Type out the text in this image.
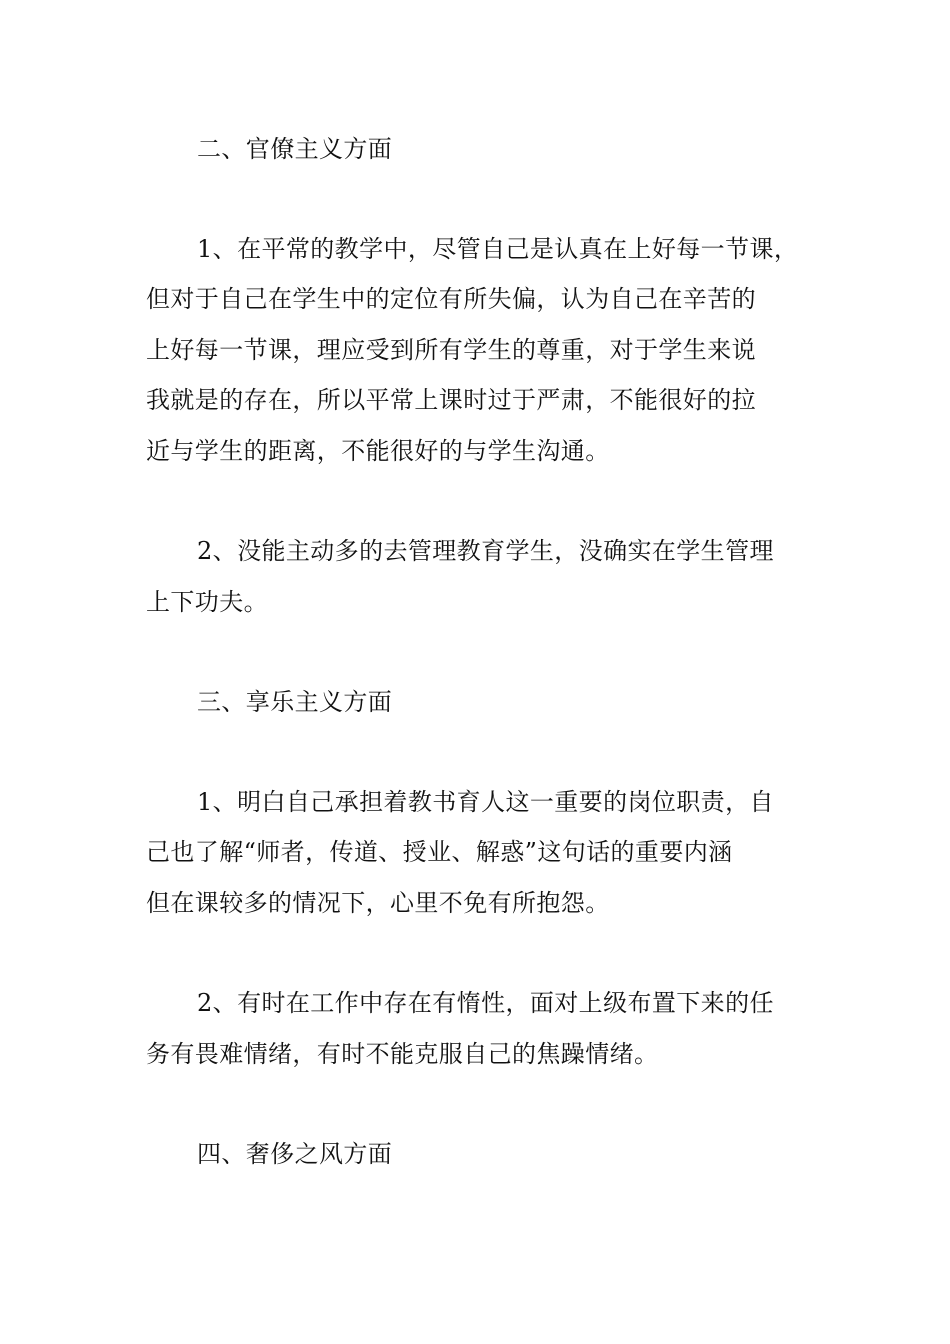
二、官僚主义方面

1、在平常的教学中，尽管自己是认真在上好每一节课，
但对于自己在学生中的定位有所失偏，认为自己在辛苦的
上好每一节课，理应受到所有学生的尊重，对于学生来说
我就是的存在，所以平常上课时过于严肃，不能很好的拉
近与学生的距离，不能很好的与学生沟通。

2、没能主动多的去管理教育学生，没确实在学生管理
上下功夫。

三、享乐主义方面

1、明白自己承担着教书育人这一重要的岗位职责，自
己也了解“师者，传道、授业、解惑”这句话的重要内涵
但在课较多的情况下，心里不免有所抱怨。

2、有时在工作中存在有惰性，面对上级布置下来的任
务有畏难情绪，有时不能克服自己的焦躁情绪。

四、奢侈之风方面
